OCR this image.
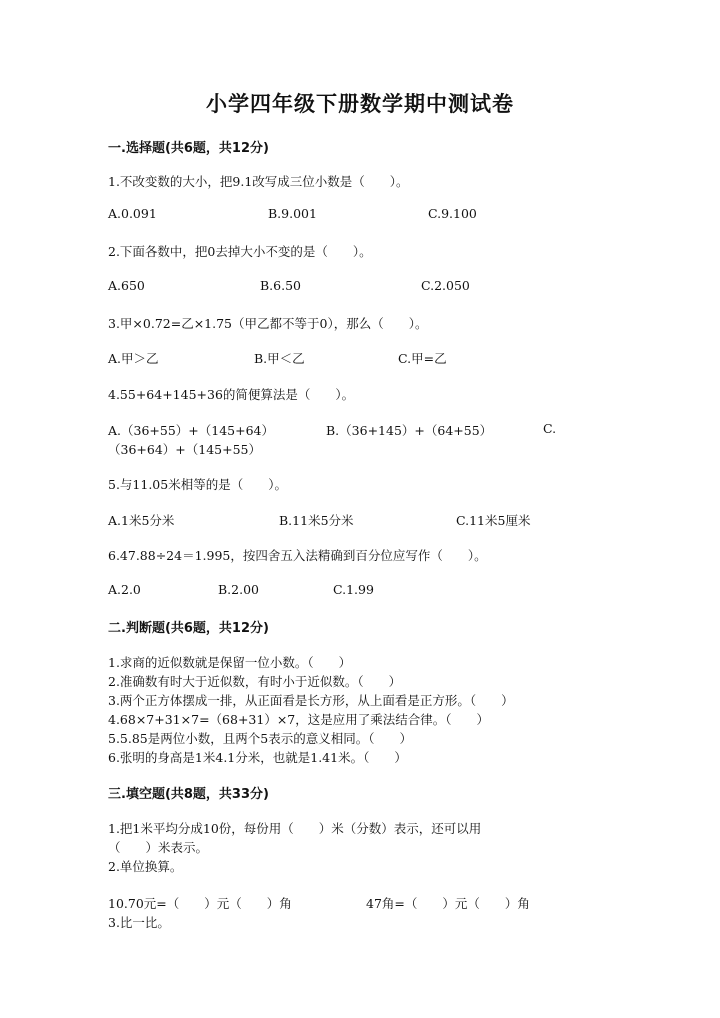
小学四年级下册数学期中测试卷
一.选择题(共6题，共12分)
1.不改变数的大小，把9.1改写成三位小数是（　　）。
A.0.091	B.9.001	C.9.100
2.下面各数中，把0去掉大小不变的是（　　）。
A.650	B.6.50	C.2.050
3.甲×0.72=乙×1.75（甲乙都不等于0），那么（　　）。
A.甲＞乙	B.甲＜乙	C.甲=乙
4.55+64+145+36的简便算法是（　　）。
A.（36+55）+（145+64）	B.（36+145）+（64+55）	C.
（36+64）+（145+55）
5.与11.05米相等的是（　　）。
A.1米5分米	B.11米5分米	C.11米5厘米
6.47.88÷24＝1.995，按四舍五入法精确到百分位应写作（　　）。
A.2.0	B.2.00	C.1.99
二.判断题(共6题，共12分)
1.求商的近似数就是保留一位小数。（　　）
2.准确数有时大于近似数，有时小于近似数。（　　）
3.两个正方体摆成一排，从正面看是长方形，从上面看是正方形。（　　）
4.68×7+31×7=（68+31）×7，这是应用了乘法结合律。（　　）
5.5.85是两位小数，且两个5表示的意义相同。（　　）
6.张明的身高是1米4.1分米，也就是1.41米。（　　）
三.填空题(共8题，共33分)
1.把1米平均分成10份，每份用（　　）米（分数）表示，还可以用
（　　）米表示。
2.单位换算。
10.70元=（　　）元（　　）角	47角=（　　）元（　　）角
3.比一比。
